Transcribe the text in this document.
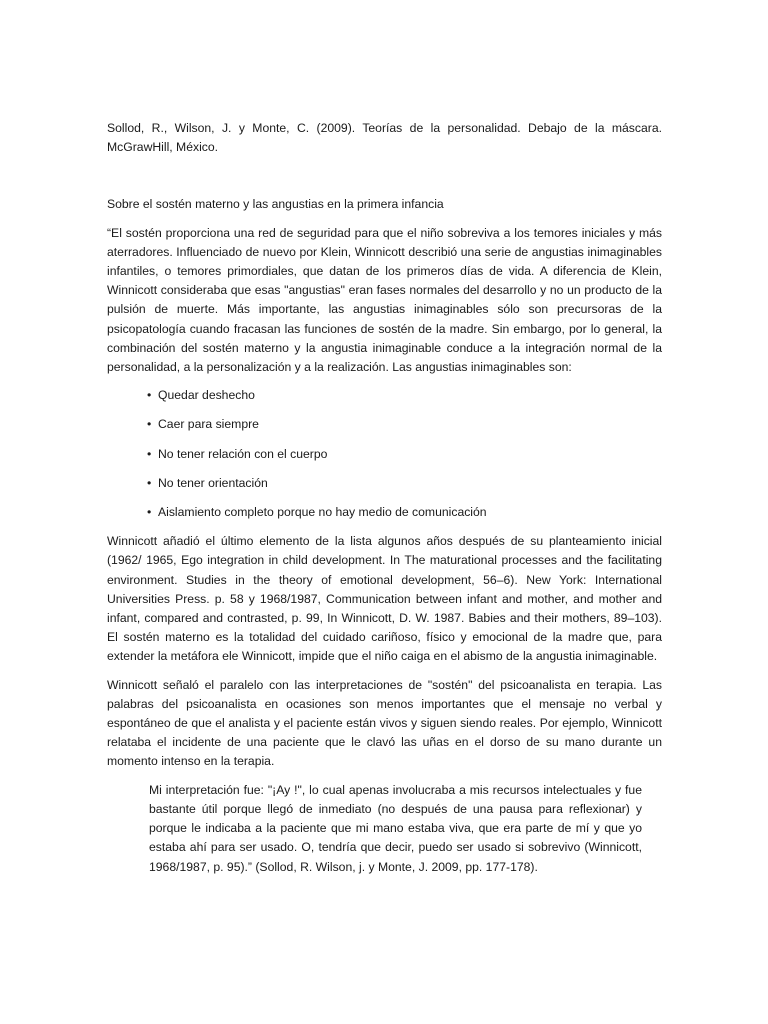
Sollod, R., Wilson, J. y Monte, C. (2009). Teorías de la personalidad. Debajo de la máscara. McGrawHill, México.

Sobre el sostén materno y las angustias en la primera infancia

“El sostén proporciona una red de seguridad para que el niño sobreviva a los temores iniciales y más aterradores. Influenciado de nuevo por Klein, Winnicott describió una serie de angustias inimaginables infantiles, o temores primordiales, que datan de los primeros días de vida. A diferencia de Klein, Winnicott consideraba que esas "angustias" eran fases normales del desarrollo y no un producto de la pulsión de muerte. Más importante, las angustias inimaginables sólo son precursoras de la psicopatología cuando fracasan las funciones de sostén de la madre. Sin embargo, por lo general, la combinación del sostén materno y la angustia inimaginable conduce a la integración normal de la personalidad, a la personalización y a la realización. Las angustias inimaginables son:

• Quedar deshecho
• Caer para siempre
• No tener relación con el cuerpo
• No tener orientación
• Aislamiento completo porque no hay medio de comunicación

Winnicott añadió el último elemento de la lista algunos años después de su planteamiento inicial (1962/ 1965, Ego integration in child development. In The maturational processes and the facilitating environment. Studies in the theory of emotional development, 56–6). New York: International Universities Press. p. 58 y 1968/1987, Communication between infant and mother, and mother and infant, compared and contrasted, p. 99, In Winnicott, D. W. 1987. Babies and their mothers, 89–103). El sostén materno es la totalidad del cuidado cariñoso, físico y emocional de la madre que, para extender la metáfora ele Winnicott, impide que el niño caiga en el abismo de la angustia inimaginable.

Winnicott señaló el paralelo con las interpretaciones de "sostén" del psicoanalista en terapia. Las palabras del psicoanalista en ocasiones son menos importantes que el mensaje no verbal y espontáneo de que el analista y el paciente están vivos y siguen siendo reales. Por ejemplo, Winnicott relataba el incidente de una paciente que le clavó las uñas en el dorso de su mano durante un momento intenso en la terapia.

Mi interpretación fue: "¡Ay !", lo cual apenas involucraba a mis recursos intelectuales y fue bastante útil porque llegó de inmediato (no después de una pausa para reflexionar) y porque le indicaba a la paciente que mi mano estaba viva, que era parte de mí y que yo estaba ahí para ser usado. O, tendría que decir, puedo ser usado si sobrevivo (Winnicott, 1968/1987, p. 95).” (Sollod, R. Wilson, j. y Monte, J. 2009, pp. 177-178).
